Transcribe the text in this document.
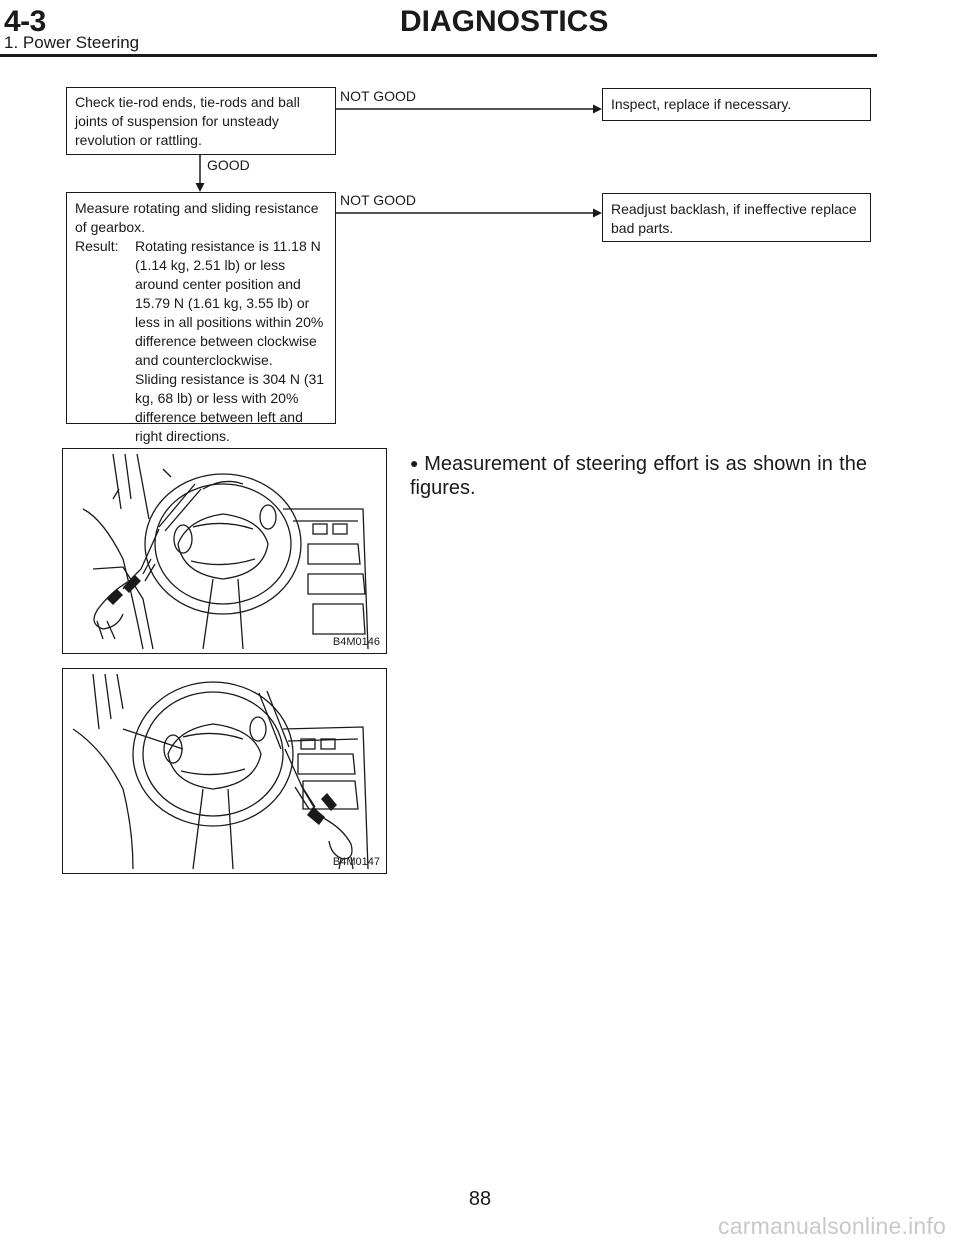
4-3	DIAGNOSTICS
1. Power Steering
Check tie-rod ends, tie-rods and ball joints of suspension for unsteady revolution or rattling.
NOT GOOD	Inspect, replace if necessary.
GOOD
Measure rotating and sliding resistance of gearbox.
Result:	Rotating resistance is 11.18 N (1.14 kg, 2.51 lb) or less around center position and 15.79 N (1.61 kg, 3.55 lb) or less in all positions within 20% difference between clockwise and counterclockwise.
Sliding resistance is 304 N (31 kg, 68 lb) or less with 20% difference between left and right directions.
NOT GOOD
Readjust backlash, if ineffective replace bad parts.
B4M0146
B4M0147
● Measurement of steering effort is as shown in the figures.
88
carmanualsonline.info
